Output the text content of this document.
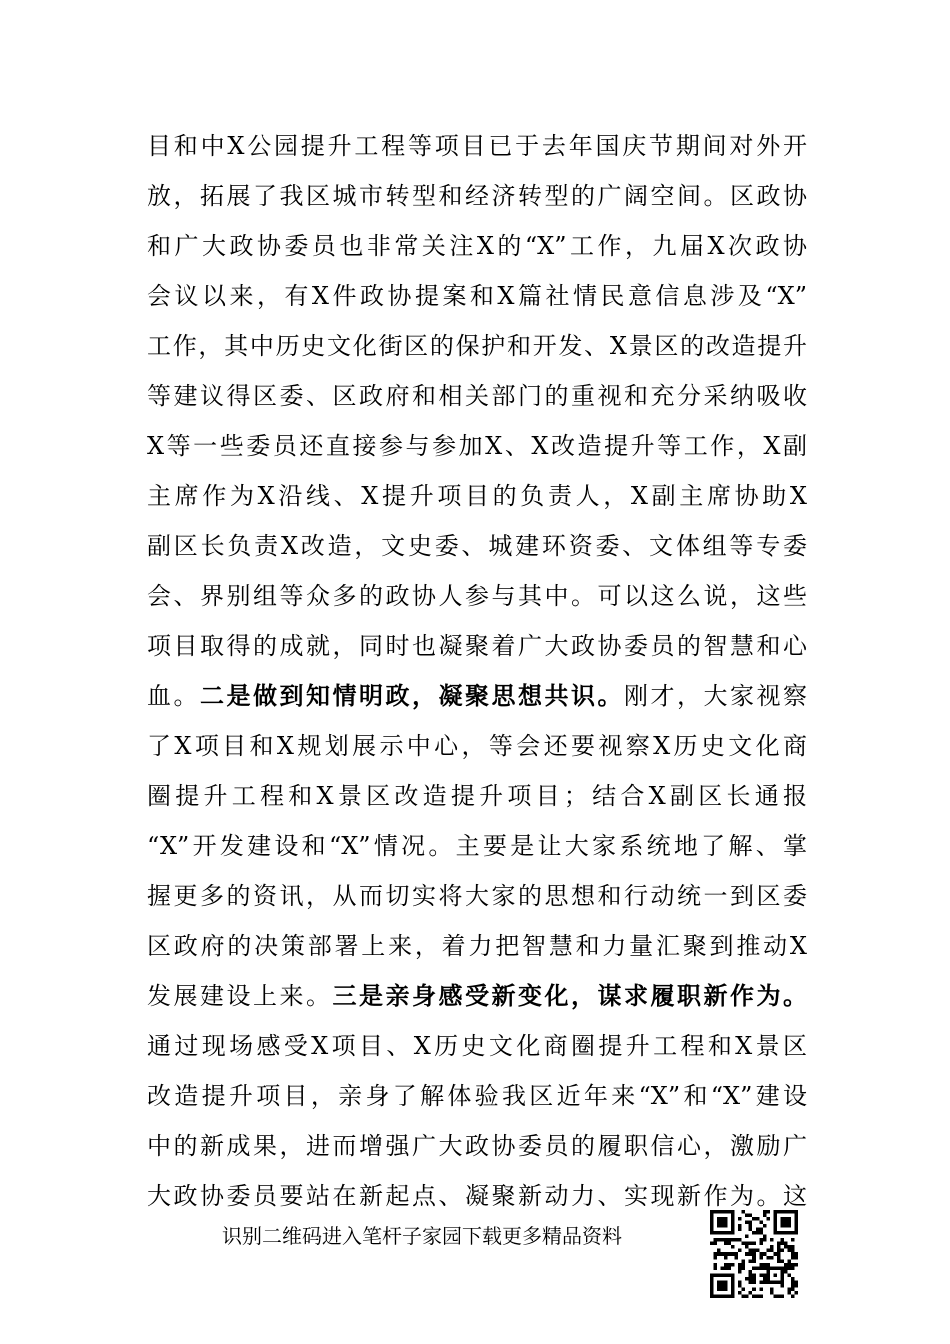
目和中X公园提升工程等项目已于去年国庆节期间对外开
放，拓展了我区城市转型和经济转型的广阔空间。区政协
和广大政协委员也非常关注X的“X”工作，九届X次政协
会议以来，有X件政协提案和X篇社情民意信息涉及“X”
工作，其中历史文化街区的保护和开发、X景区的改造提升
等建议得区委、区政府和相关部门的重视和充分采纳吸收
X等一些委员还直接参与参加X、X改造提升等工作，X副
主席作为X沿线、X提升项目的负责人，X副主席协助X
副区长负责X改造，文史委、城建环资委、文体组等专委
会、界别组等众多的政协人参与其中。可以这么说，这些
项目取得的成就，同时也凝聚着广大政协委员的智慧和心
血。二是做到知情明政，凝聚思想共识。刚才，大家视察
了X项目和X规划展示中心，等会还要视察X历史文化商
圈提升工程和X景区改造提升项目；结合X副区长通报
“X”开发建设和“X”情况。主要是让大家系统地了解、掌
握更多的资讯，从而切实将大家的思想和行动统一到区委
区政府的决策部署上来，着力把智慧和力量汇聚到推动X
发展建设上来。三是亲身感受新变化，谋求履职新作为。
通过现场感受X项目、X历史文化商圈提升工程和X景区
改造提升项目，亲身了解体验我区近年来“X”和“X”建设
中的新成果，进而增强广大政协委员的履职信心，激励广
大政协委员要站在新起点、凝聚新动力、实现新作为。这
识别二维码进入笔杆子家园下载更多精品资料
